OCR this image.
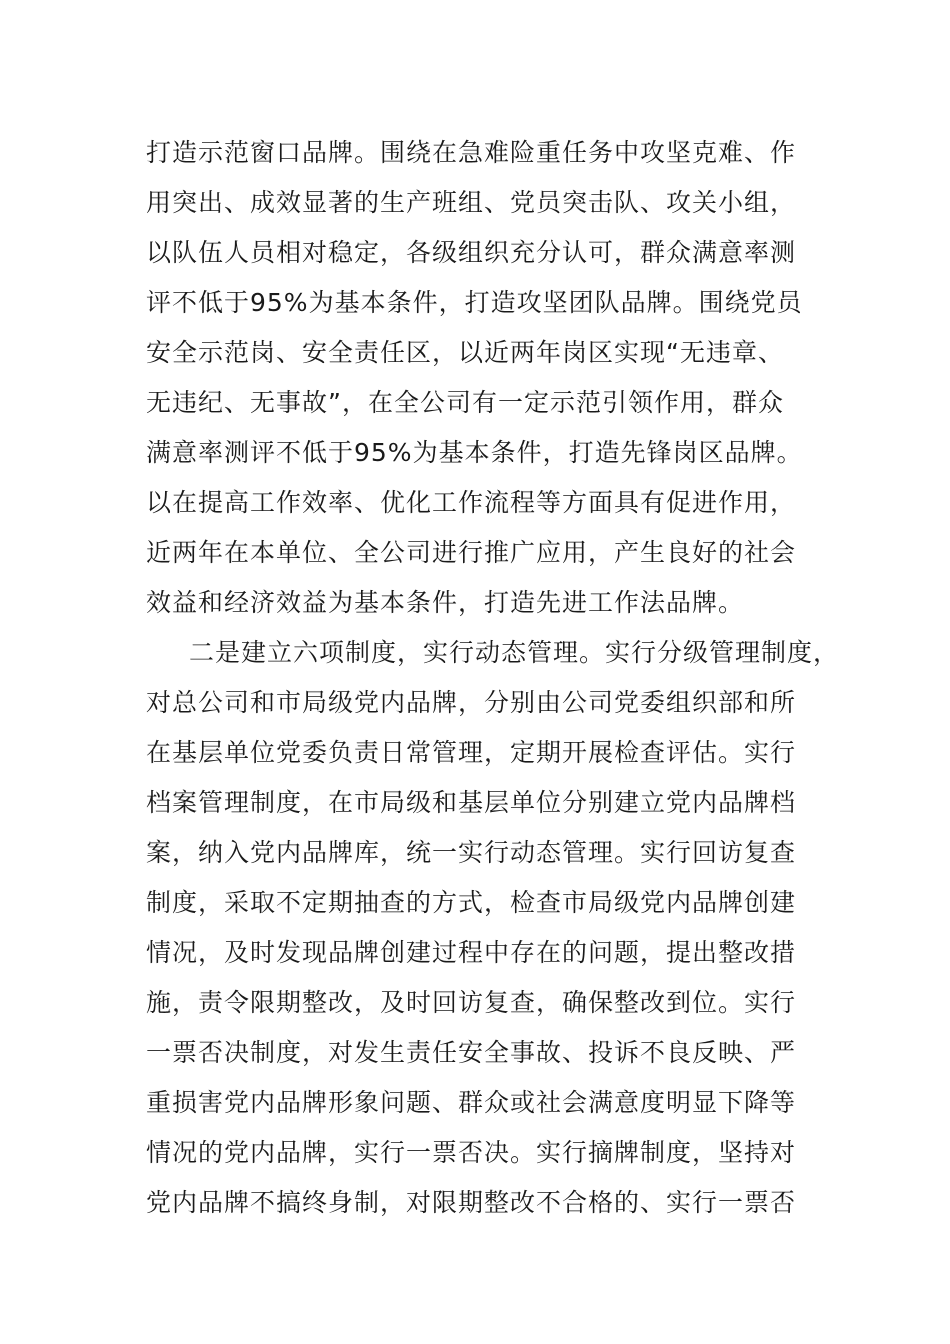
打造示范窗口品牌。围绕在急难险重任务中攻坚克难、作
用突出、成效显著的生产班组、党员突击队、攻关小组，
以队伍人员相对稳定，各级组织充分认可，群众满意率测
评不低于95%为基本条件，打造攻坚团队品牌。围绕党员
安全示范岗、安全责任区，以近两年岗区实现“无违章、
无违纪、无事故”，在全公司有一定示范引领作用，群众
满意率测评不低于95%为基本条件，打造先锋岗区品牌。
以在提高工作效率、优化工作流程等方面具有促进作用，
近两年在本单位、全公司进行推广应用，产生良好的社会
效益和经济效益为基本条件，打造先进工作法品牌。
二是建立六项制度，实行动态管理。实行分级管理制度，
对总公司和市局级党内品牌，分别由公司党委组织部和所
在基层单位党委负责日常管理，定期开展检查评估。实行
档案管理制度，在市局级和基层单位分别建立党内品牌档
案，纳入党内品牌库，统一实行动态管理。实行回访复查
制度，采取不定期抽查的方式，检查市局级党内品牌创建
情况，及时发现品牌创建过程中存在的问题，提出整改措
施，责令限期整改，及时回访复查，确保整改到位。实行
一票否决制度，对发生责任安全事故、投诉不良反映、严
重损害党内品牌形象问题、群众或社会满意度明显下降等
情况的党内品牌，实行一票否决。实行摘牌制度，坚持对
党内品牌不搞终身制，对限期整改不合格的、实行一票否
